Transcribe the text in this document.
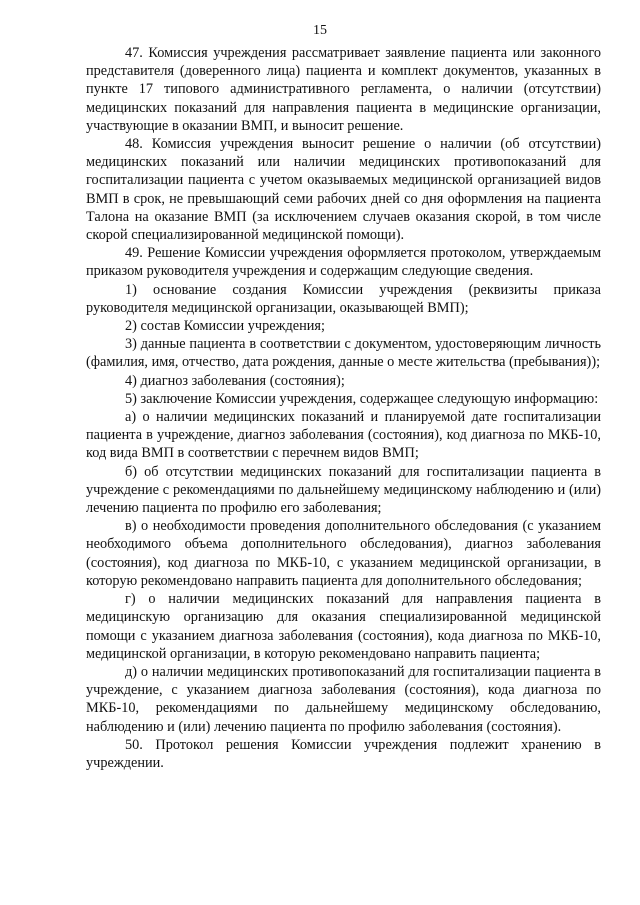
15

47. Комиссия учреждения рассматривает заявление пациента или законного представителя (доверенного лица) пациента и комплект документов, указанных в пункте 17 типового административного регламента, о наличии (отсутствии) медицинских показаний для направления пациента в медицинские организации, участвующие в оказании ВМП, и выносит решение.

48. Комиссия учреждения выносит решение о наличии (об отсутствии) медицинских показаний или наличии медицинских противопоказаний для госпитализации пациента с учетом оказываемых медицинской организацией видов ВМП в срок, не превышающий семи рабочих дней со дня оформления на пациента Талона на оказание ВМП (за исключением случаев оказания скорой, в том числе скорой специализированной медицинской помощи).

49. Решение Комиссии учреждения оформляется протоколом, утверждаемым приказом руководителя учреждения и содержащим следующие сведения.

1) основание создания Комиссии учреждения (реквизиты приказа руководителя медицинской организации, оказывающей ВМП);

2) состав Комиссии учреждения;

3) данные пациента в соответствии с документом, удостоверяющим личность (фамилия, имя, отчество, дата рождения, данные о месте жительства (пребывания));

4) диагноз заболевания (состояния);

5) заключение Комиссии учреждения, содержащее следующую информацию:

а) о наличии медицинских показаний и планируемой дате госпитализации пациента в учреждение, диагноз заболевания (состояния), код диагноза по МКБ-10, код вида ВМП в соответствии с перечнем видов ВМП;

б) об отсутствии медицинских показаний для госпитализации пациента в учреждение с рекомендациями по дальнейшему медицинскому наблюдению и (или) лечению пациента по профилю его заболевания;

в) о необходимости проведения дополнительного обследования (с указанием необходимого объема дополнительного обследования), диагноз заболевания (состояния), код диагноза по МКБ-10, с указанием медицинской организации, в которую рекомендовано направить пациента для дополнительного обследования;

г) о наличии медицинских показаний для направления пациента в медицинскую организацию для оказания специализированной медицинской помощи с указанием диагноза заболевания (состояния), кода диагноза по МКБ-10, медицинской организации, в которую рекомендовано направить пациента;

д) о наличии медицинских противопоказаний для госпитализации пациента в учреждение, с указанием диагноза заболевания (состояния), кода диагноза по МКБ-10, рекомендациями по дальнейшему медицинскому обследованию, наблюдению и (или) лечению пациента по профилю заболевания (состояния).

50. Протокол решения Комиссии учреждения подлежит хранению в учреждении.
